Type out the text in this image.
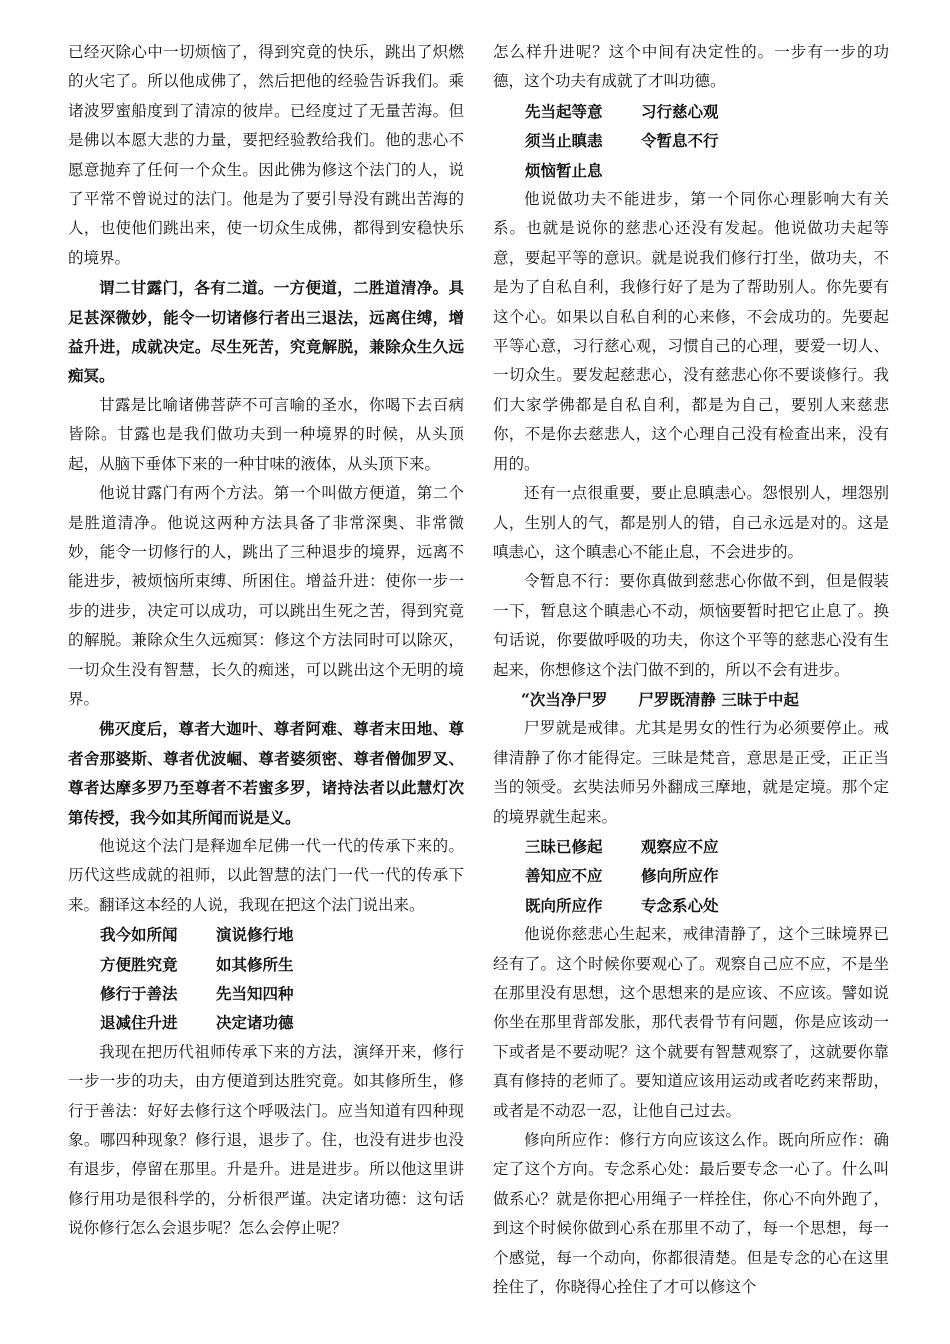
已经灭除心中一切烦恼了，得到究竟的快乐，跳出了炽燃的火宅了。所以他成佛了，然后把他的经验告诉我们。乘诸波罗蜜船度到了清凉的彼岸。已经度过了无量苦海。但是佛以本愿大悲的力量，要把经验教给我们。他的悲心不愿意抛弃了任何一个众生。因此佛为修这个法门的人，说了平常不曾说过的法门。他是为了要引导没有跳出苦海的人，也使他们跳出来，使一切众生成佛，都得到安稳快乐的境界。

谓二甘露门，各有二道。一方便道，二胜道清净。具足甚深微妙，能令一切诸修行者出三退法，远离住缚，增益升进，成就决定。尽生死苦，究竟解脱，兼除众生久远痴冥。

甘露是比喻诸佛菩萨不可言喻的圣水，你喝下去百病皆除。甘露也是我们做功夫到一种境界的时候，从头顶起，从脑下垂体下来的一种甘味的液体，从头顶下来。

他说甘露门有两个方法。第一个叫做方便道，第二个是胜道清净。他说这两种方法具备了非常深奥、非常微妙，能令一切修行的人，跳出了三种退步的境界，远离不能进步，被烦恼所束缚、所困住。增益升进：使你一步一步的进步，决定可以成功，可以跳出生死之苦，得到究竟的解脱。兼除众生久远痴冥：修这个方法同时可以除灭，一切众生没有智慧，长久的痴迷，可以跳出这个无明的境界。

佛灭度后，尊者大迦叶、尊者阿难、尊者末田地、尊者舍那婆斯、尊者优波崛、尊者婆须密、尊者僧伽罗叉、尊者达摩多罗乃至尊者不若蜜多罗，诸持法者以此慧灯次第传授，我今如其所闻而说是义。

他说这个法门是释迦牟尼佛一代一代的传承下来的。历代这些成就的祖师，以此智慧的法门一代一代的传承下来。翻译这本经的人说，我现在把这个法门说出来。

我今如所闻 演说修行地
方便胜究竟 如其修所生
修行于善法 先当知四种
退减住升进 决定诸功德

我现在把历代祖师传承下来的方法，演绎开来，修行一步一步的功夫，由方便道到达胜究竟。如其修所生，修行于善法：好好去修行这个呼吸法门。应当知道有四种现象。哪四种现象？修行退，退步了。住，也没有进步也没有退步，停留在那里。升是升。进是进步。所以他这里讲修行用功是很科学的，分析很严谨。决定诸功德：这句话说你修行怎么会退步呢？怎么会停止呢？

怎么样升进呢？这个中间有决定性的。一步有一步的功德，这个功夫有成就了才叫功德。

先当起等意 习行慈心观
须当止瞋恚 令暂息不行
烦恼暂止息

他说做功夫不能进步，第一个同你心理影响大有关系。也就是说你的慈悲心还没有发起。他说做功夫起等意，要起平等的意识。就是说我们修行打坐，做功夫，不是为了自私自利，我修行好了是为了帮助别人。你先要有这个心。如果以自私自利的心来修，不会成功的。先要起平等心意，习行慈心观，习惯自己的心理，要爱一切人、一切众生。要发起慈悲心，没有慈悲心你不要谈修行。我们大家学佛都是自私自利，都是为自己，要别人来慈悲你，不是你去慈悲人，这个心理自己没有检查出来，没有用的。

还有一点很重要，要止息瞋恚心。怨恨别人，埋怨别人，生别人的气，都是别人的错，自己永远是对的。这是嗔恚心，这个瞋恚心不能止息，不会进步的。

令暂息不行：要你真做到慈悲心你做不到，但是假装一下，暂息这个瞋恚心不动，烦恼要暂时把它止息了。换句话说，你要做呼吸的功夫，你这个平等的慈悲心没有生起来，你想修这个法门做不到的，所以不会有进步。

“次当净尸罗　　尸罗既清静 三昧于中起

尸罗就是戒律。尤其是男女的性行为必须要停止。戒律清静了你才能得定。三昧是梵音，意思是正受，正正当当的领受。玄奘法师另外翻成三摩地，就是定境。那个定的境界就生起来。

三昧已修起 观察应不应
善知应不应 修向所应作
既向所应作 专念系心处

他说你慈悲心生起来，戒律清静了，这个三昧境界已经有了。这个时候你要观心了。观察自己应不应，不是坐在那里没有思想，这个思想来的是应该、不应该。譬如说你坐在那里背部发胀，那代表骨节有问题，你是应该动一下或者是不要动呢？这个就要有智慧观察了，这就要你靠真有修持的老师了。要知道应该用运动或者吃药来帮助，或者是不动忍一忍，让他自己过去。

修向所应作：修行方向应该这么作。既向所应作：确定了这个方向。专念系心处：最后要专念一心了。什么叫做系心？就是你把心用绳子一样拴住，你心不向外跑了，到这个时候你做到心系在那里不动了，每一个思想，每一个感觉，每一个动向，你都很清楚。但是专念的心在这里拴住了，你晓得心拴住了才可以修这个
